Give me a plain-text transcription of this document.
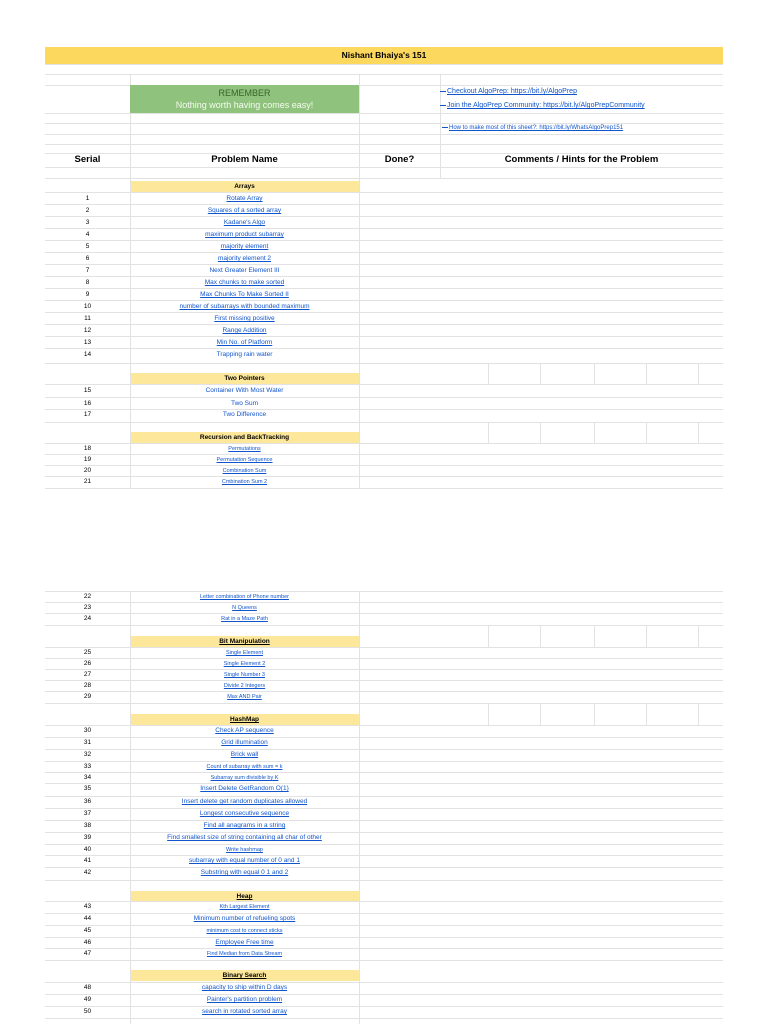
Nishant Bhaiya's 151
REMEMBER
Nothing worth having comes easy!
Checkout AlgoPrep: https://bit.ly/AlgoPrep
Join the AlgoPrep Community: https://bit.ly/AlgoPrepCommunity
How to make most of this sheet?: https://bit.ly/WhatsAlgoPrep151
Serial	Problem Name	Done?	Comments / Hints for the Problem
Arrays
1	Rotate Array
2	Squares of a sorted array
3	Kadane's Algo
4	maximum product subarray
5	majority element
6	majority element 2
7	Next Greater Element III
8	Max chunks to make sorted
9	Max Chunks To Make Sorted II
10	number of subarrays with bounded maximum
11	First missing positive
12	Range Addition
13	Min No. of Platform
14	Trapping rain water
Two Pointers
15	Container With Most Water
16	Two Sum
17	Two Difference
Recursion and BackTracking
18	Permutations
19	Permutation Sequence
20	Combination Sum
21	Cmbination Sum 2
22	Letter combination of Phone number
23	N Queens
24	Rat in a Maze Path
Bit Manipulation
25	Single Element
26	Single Element 2
27	Single Number 3
28	Divide 2 Integers
29	Max AND Pair
HashMap
30	Check AP sequence
31	Grid illumination
32	Brick wall
33	Count of subarray with sum = k
34	Subarray sum divisible by K
35	Insert Delete GetRandom O(1)
36	Insert delete get random duplicates allowed
37	Longest consecutive sequence
38	Find all anagrams in a string
39	Find smallest size of string containing all char of other
40	Write hashmap
41	subarray with equal number of 0 and 1
42	Substring with equal 0 1 and 2
Heap
43	Kth Largest Element
44	Minimum number of refueling spots
45	minimum cost to connect sticks
46	Employee Free time
47	Find Median from Data Stream
Binary Search
48	capacity to ship within D days
49	Painter's partition problem
50	search in rotated sorted array
